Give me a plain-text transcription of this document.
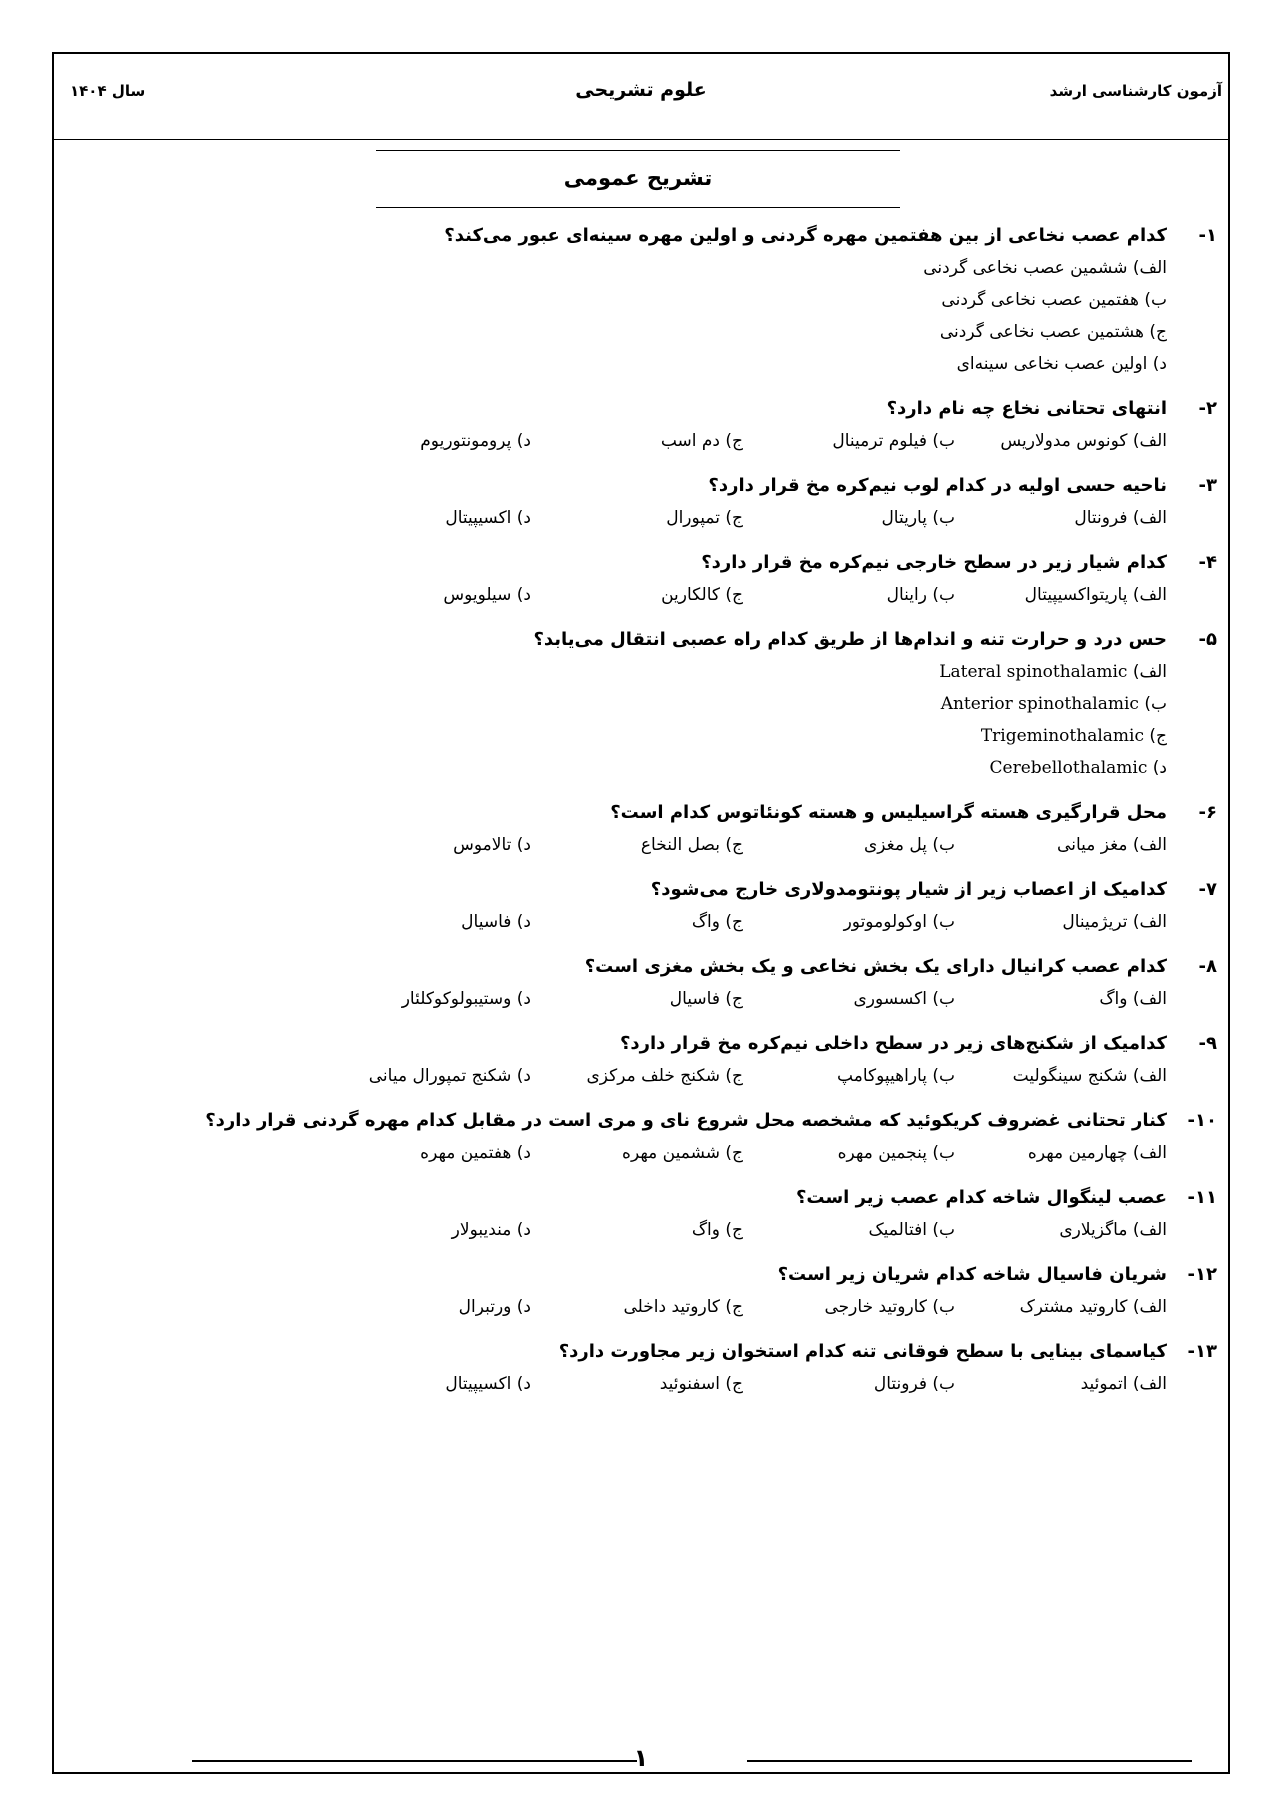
آزمون کارشناسی ارشد
علوم تشریحی
سال ۱۴۰۴
تشریح عمومی
۱-
کدام عصب نخاعی از بین هفتمین مهره گردنی و اولین مهره سینه‌ای عبور می‌کند؟
الف) ششمین عصب نخاعی گردنی
ب) هفتمین عصب نخاعی گردنی
ج) هشتمین عصب نخاعی گردنی
د) اولین عصب نخاعی سینه‌ای
۲-
انتهای تحتانی نخاع چه نام دارد؟
الف) کونوس مدولاریس
ب) فیلوم ترمینال
ج) دم اسب
د) پرومونتوریوم
۳-
ناحیه حسی اولیه در کدام لوب نیم‌کره مخ قرار دارد؟
الف) فرونتال
ب) پاریتال
ج) تمپورال
د) اکسیپیتال
۴-
کدام شیار زیر در سطح خارجی نیم‌کره مخ قرار دارد؟
الف) پاریتواکسیپیتال
ب) راینال
ج) کالکارین
د) سیلویوس
۵-
حس درد و حرارت تنه و اندام‌ها از طریق کدام راه عصبی انتقال می‌یابد؟
الف) Lateral spinothalamic
ب) Anterior spinothalamic
ج) Trigeminothalamic
د) Cerebellothalamic
۶-
محل قرارگیری هسته گراسیلیس و هسته کونئاتوس کدام است؟
الف) مغز میانی
ب) پل مغزی
ج) بصل النخاع
د) تالاموس
۷-
کدامیک از اعصاب زیر از شیار پونتومدولاری خارج می‌شود؟
الف) تریژمینال
ب) اوکولوموتور
ج) واگ
د) فاسیال
۸-
کدام عصب کرانیال دارای یک بخش نخاعی و یک بخش مغزی است؟
الف) واگ
ب) اکسسوری
ج) فاسیال
د) وستیبولوکوکلئار
۹-
کدامیک از شکنج‌های زیر در سطح داخلی نیم‌کره مخ قرار دارد؟
الف) شکنج سینگولیت
ب) پاراهیپوکامپ
ج) شکنج خلف مرکزی
د) شکنج تمپورال میانی
۱۰-
کنار تحتانی غضروف کریکوئید که مشخصه محل شروع نای و مری است در مقابل کدام مهره گردنی قرار دارد؟
الف) چهارمین مهره
ب) پنجمین مهره
ج) ششمین مهره
د) هفتمین مهره
۱۱-
عصب لینگوال شاخه کدام عصب زیر است؟
الف) ماگزیلاری
ب) افتالمیک
ج) واگ
د) مندیبولار
۱۲-
شریان فاسیال شاخه کدام شریان زیر است؟
الف) کاروتید مشترک
ب) کاروتید خارجی
ج) کاروتید داخلی
د) ورتبرال
۱۳-
کیاسمای بینایی با سطح فوقانی تنه کدام استخوان زیر مجاورت دارد؟
الف) اتموئید
ب) فرونتال
ج) اسفنوئید
د) اکسیپیتال
۱
